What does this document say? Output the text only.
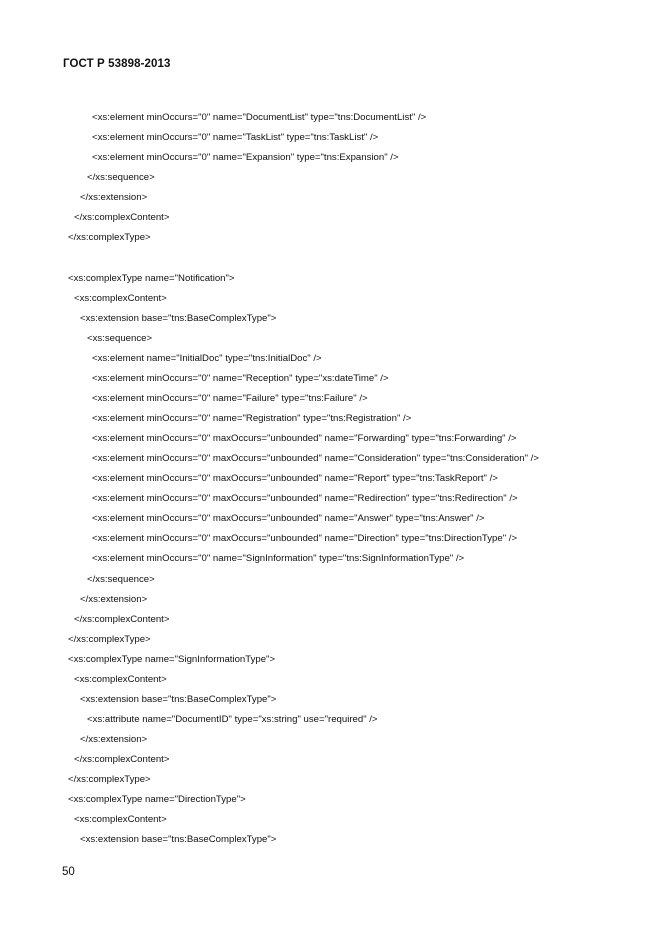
ГОСТ Р 53898-2013
<xs:element minOccurs="0" name="DocumentList" type="tns:DocumentList" />
<xs:element minOccurs="0" name="TaskList" type="tns:TaskList" />
<xs:element minOccurs="0" name="Expansion" type="tns:Expansion" />
</xs:sequence>
</xs:extension>
</xs:complexContent>
</xs:complexType>
<xs:complexType name="Notification">
<xs:complexContent>
<xs:extension base="tns:BaseComplexType">
<xs:sequence>
<xs:element name="InitialDoc" type="tns:InitialDoc" />
<xs:element minOccurs="0" name="Reception" type="xs:dateTime" />
<xs:element minOccurs="0" name="Failure" type="tns:Failure" />
<xs:element minOccurs="0" name="Registration" type="tns:Registration" />
<xs:element minOccurs="0" maxOccurs="unbounded" name="Forwarding" type="tns:Forwarding" />
<xs:element minOccurs="0" maxOccurs="unbounded" name="Consideration" type="tns:Consideration" />
<xs:element minOccurs="0" maxOccurs="unbounded" name="Report" type="tns:TaskReport" />
<xs:element minOccurs="0" maxOccurs="unbounded" name="Redirection" type="tns:Redirection" />
<xs:element minOccurs="0" maxOccurs="unbounded" name="Answer" type="tns:Answer" />
<xs:element minOccurs="0" maxOccurs="unbounded" name="Direction" type="tns:DirectionType" />
<xs:element minOccurs="0" name="SignInformation" type="tns:SignInformationType" />
</xs:sequence>
</xs:extension>
</xs:complexContent>
</xs:complexType>
<xs:complexType name="SignInformationType">
<xs:complexContent>
<xs:extension base="tns:BaseComplexType">
<xs:attribute name="DocumentID" type="xs:string" use="required" />
</xs:extension>
</xs:complexContent>
</xs:complexType>
<xs:complexType name="DirectionType">
<xs:complexContent>
<xs:extension base="tns:BaseComplexType">
50
